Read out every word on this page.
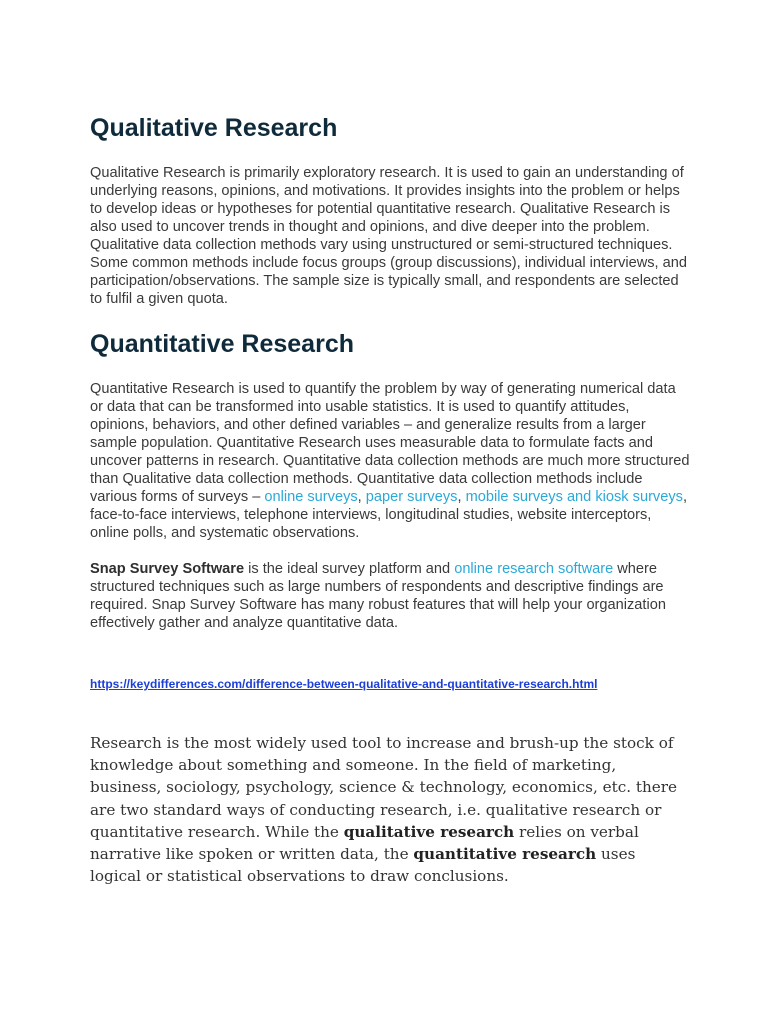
Qualitative Research

Qualitative Research is primarily exploratory research. It is used to gain an understanding of underlying reasons, opinions, and motivations. It provides insights into the problem or helps to develop ideas or hypotheses for potential quantitative research. Qualitative Research is also used to uncover trends in thought and opinions, and dive deeper into the problem. Qualitative data collection methods vary using unstructured or semi-structured techniques. Some common methods include focus groups (group discussions), individual interviews, and participation/observations. The sample size is typically small, and respondents are selected to fulfil a given quota.

Quantitative Research

Quantitative Research is used to quantify the problem by way of generating numerical data or data that can be transformed into usable statistics. It is used to quantify attitudes, opinions, behaviors, and other defined variables – and generalize results from a larger sample population. Quantitative Research uses measurable data to formulate facts and uncover patterns in research. Quantitative data collection methods are much more structured than Qualitative data collection methods. Quantitative data collection methods include various forms of surveys – online surveys, paper surveys, mobile surveys and kiosk surveys, face-to-face interviews, telephone interviews, longitudinal studies, website interceptors, online polls, and systematic observations.

Snap Survey Software is the ideal survey platform and online research software where structured techniques such as large numbers of respondents and descriptive findings are required. Snap Survey Software has many robust features that will help your organization effectively gather and analyze quantitative data.

https://keydifferences.com/difference-between-qualitative-and-quantitative-research.html

Research is the most widely used tool to increase and brush-up the stock of knowledge about something and someone. In the field of marketing, business, sociology, psychology, science & technology, economics, etc. there are two standard ways of conducting research, i.e. qualitative research or quantitative research. While the qualitative research relies on verbal narrative like spoken or written data, the quantitative research uses logical or statistical observations to draw conclusions.
